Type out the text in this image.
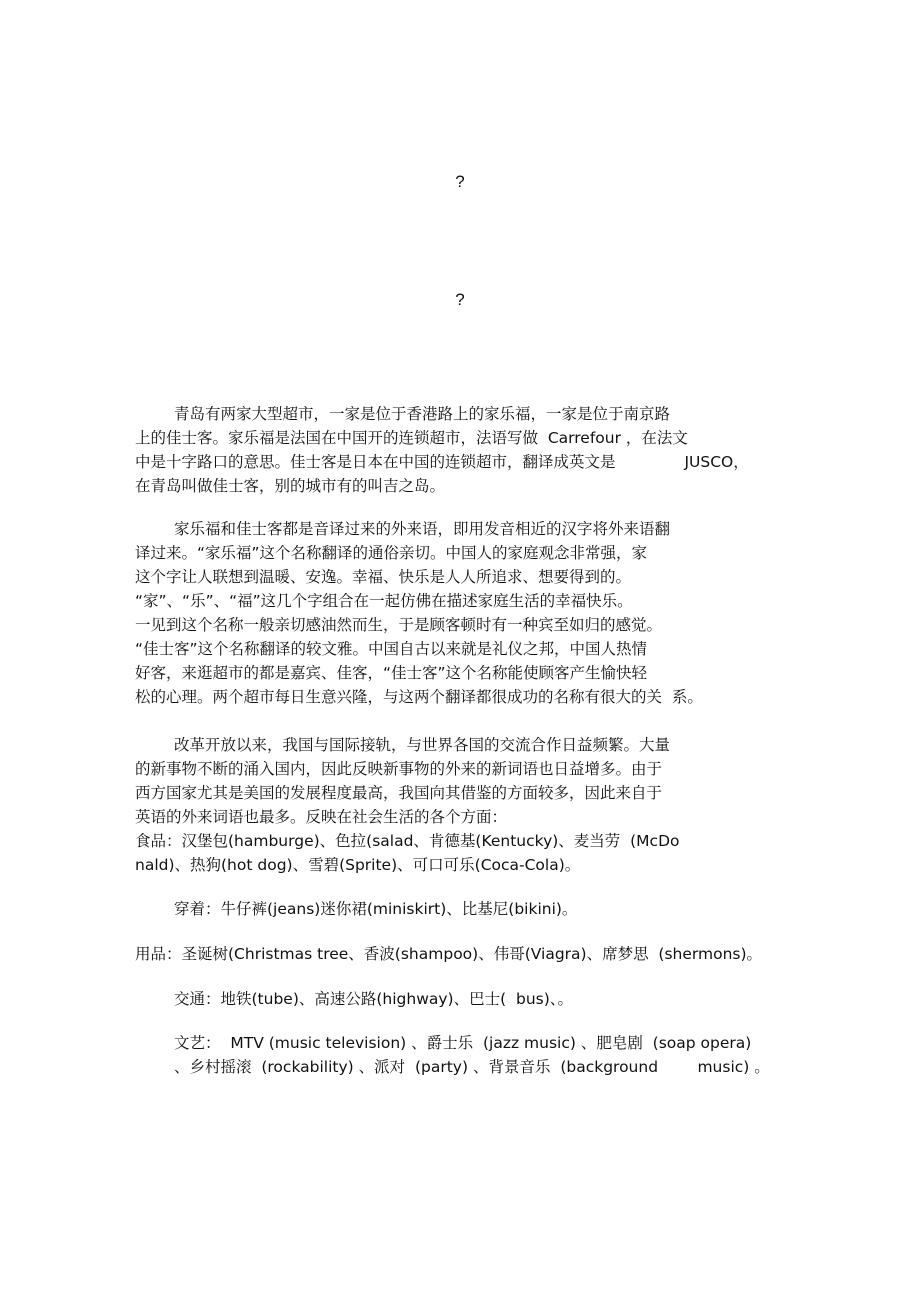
?
?
青岛有两家大型超市，一家是位于香港路上的家乐福，一家是位于南京路
上的佳士客。家乐福是法国在中国开的连锁超市，法语写做  Carrefour ，在法文
中是十字路口的意思。佳士客是日本在中国的连锁超市，翻译成英文是              JUSCO，
在青岛叫做佳士客，别的城市有的叫吉之岛。
家乐福和佳士客都是音译过来的外来语，即用发音相近的汉字将外来语翻
译过来。“家乐福”这个名称翻译的通俗亲切。中国人的家庭观念非常强，家
这个字让人联想到温暖、安逸。幸福、快乐是人人所追求、想要得到的。
“家”、“乐”、“福”这几个字组合在一起仿佛在描述家庭生活的幸福快乐。
一见到这个名称一般亲切感油然而生，于是顾客顿时有一种宾至如归的感觉。
“佳士客”这个名称翻译的较文雅。中国自古以来就是礼仪之邦，中国人热情
好客，来逛超市的都是嘉宾、佳客，“佳士客”这个名称能使顾客产生愉快轻
松的心理。两个超市每日生意兴隆，与这两个翻译都很成功的名称有很大的关  系。
改革开放以来，我国与国际接轨，与世界各国的交流合作日益频繁。大量
的新事物不断的涌入国内，因此反映新事物的外来的新词语也日益增多。由于
西方国家尤其是美国的发展程度最高，我国向其借鉴的方面较多，因此来自于
英语的外来词语也最多。反映在社会生活的各个方面：
食品：汉堡包(hamburge)、色拉(salad、肯德基(Kentucky)、麦当劳  (McDo
nald)、热狗(hot dog)、雪碧(Sprite)、可口可乐(Coca-Cola)。
穿着：牛仔裤(jeans)迷你裙(miniskirt)、比基尼(bikini)。
用品：圣诞树(Christmas tree、香波(shampoo)、伟哥(Viagra)、席梦思  (shermons)。
交通：地铁(tube)、高速公路(highway)、巴士(  bus)、。
文艺：  MTV (music television) 、爵士乐  (jazz music) 、肥皂剧  (soap opera)
、乡村摇滚  (rockability) 、派对  (party) 、背景音乐  (background        music) 。
